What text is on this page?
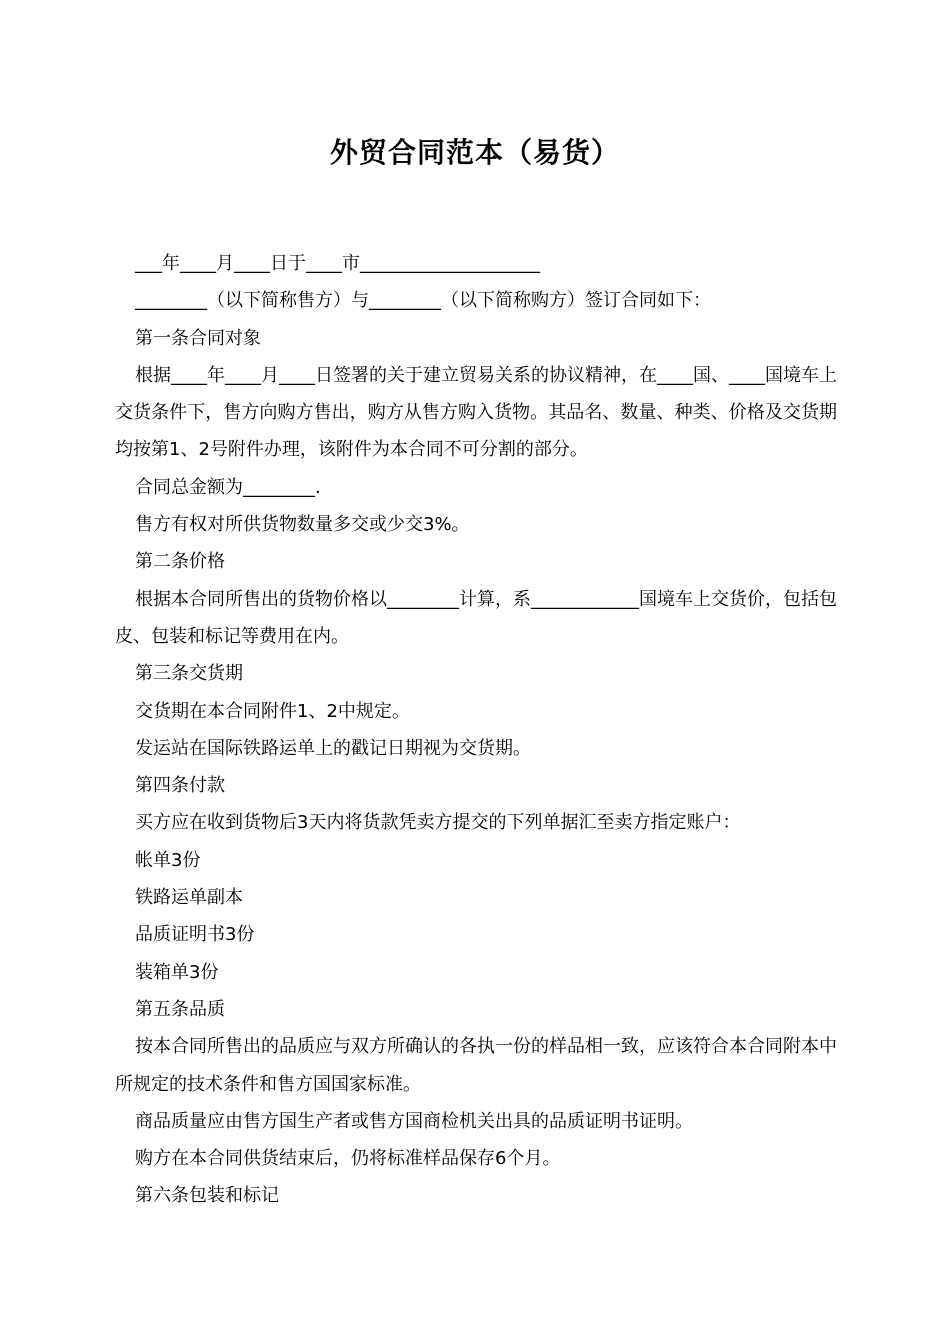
外贸合同范本（易货）

___年____月____日于____市____________________

________（以下简称售方）与________（以下简称购方）签订合同如下：

第一条合同对象

根据____年____月____日签署的关于建立贸易关系的协议精神，在____国、____国境车上交货条件下，售方向购方售出，购方从售方购入货物。其品名、数量、种类、价格及交货期均按第1、2号附件办理，该附件为本合同不可分割的部分。

合同总金额为________.

售方有权对所供货物数量多交或少交3%。

第二条价格

根据本合同所售出的货物价格以________计算，系____________国境车上交货价，包括包皮、包装和标记等费用在内。

第三条交货期

交货期在本合同附件1、2中规定。

发运站在国际铁路运单上的戳记日期视为交货期。

第四条付款

买方应在收到货物后3天内将货款凭卖方提交的下列单据汇至卖方指定账户：

帐单3份

铁路运单副本

品质证明书3份

装箱单3份

第五条品质

按本合同所售出的品质应与双方所确认的各执一份的样品相一致，应该符合本合同附本中所规定的技术条件和售方国国家标准。

商品质量应由售方国生产者或售方国商检机关出具的品质证明书证明。

购方在本合同供货结束后，仍将标准样品保存6个月。

第六条包装和标记
